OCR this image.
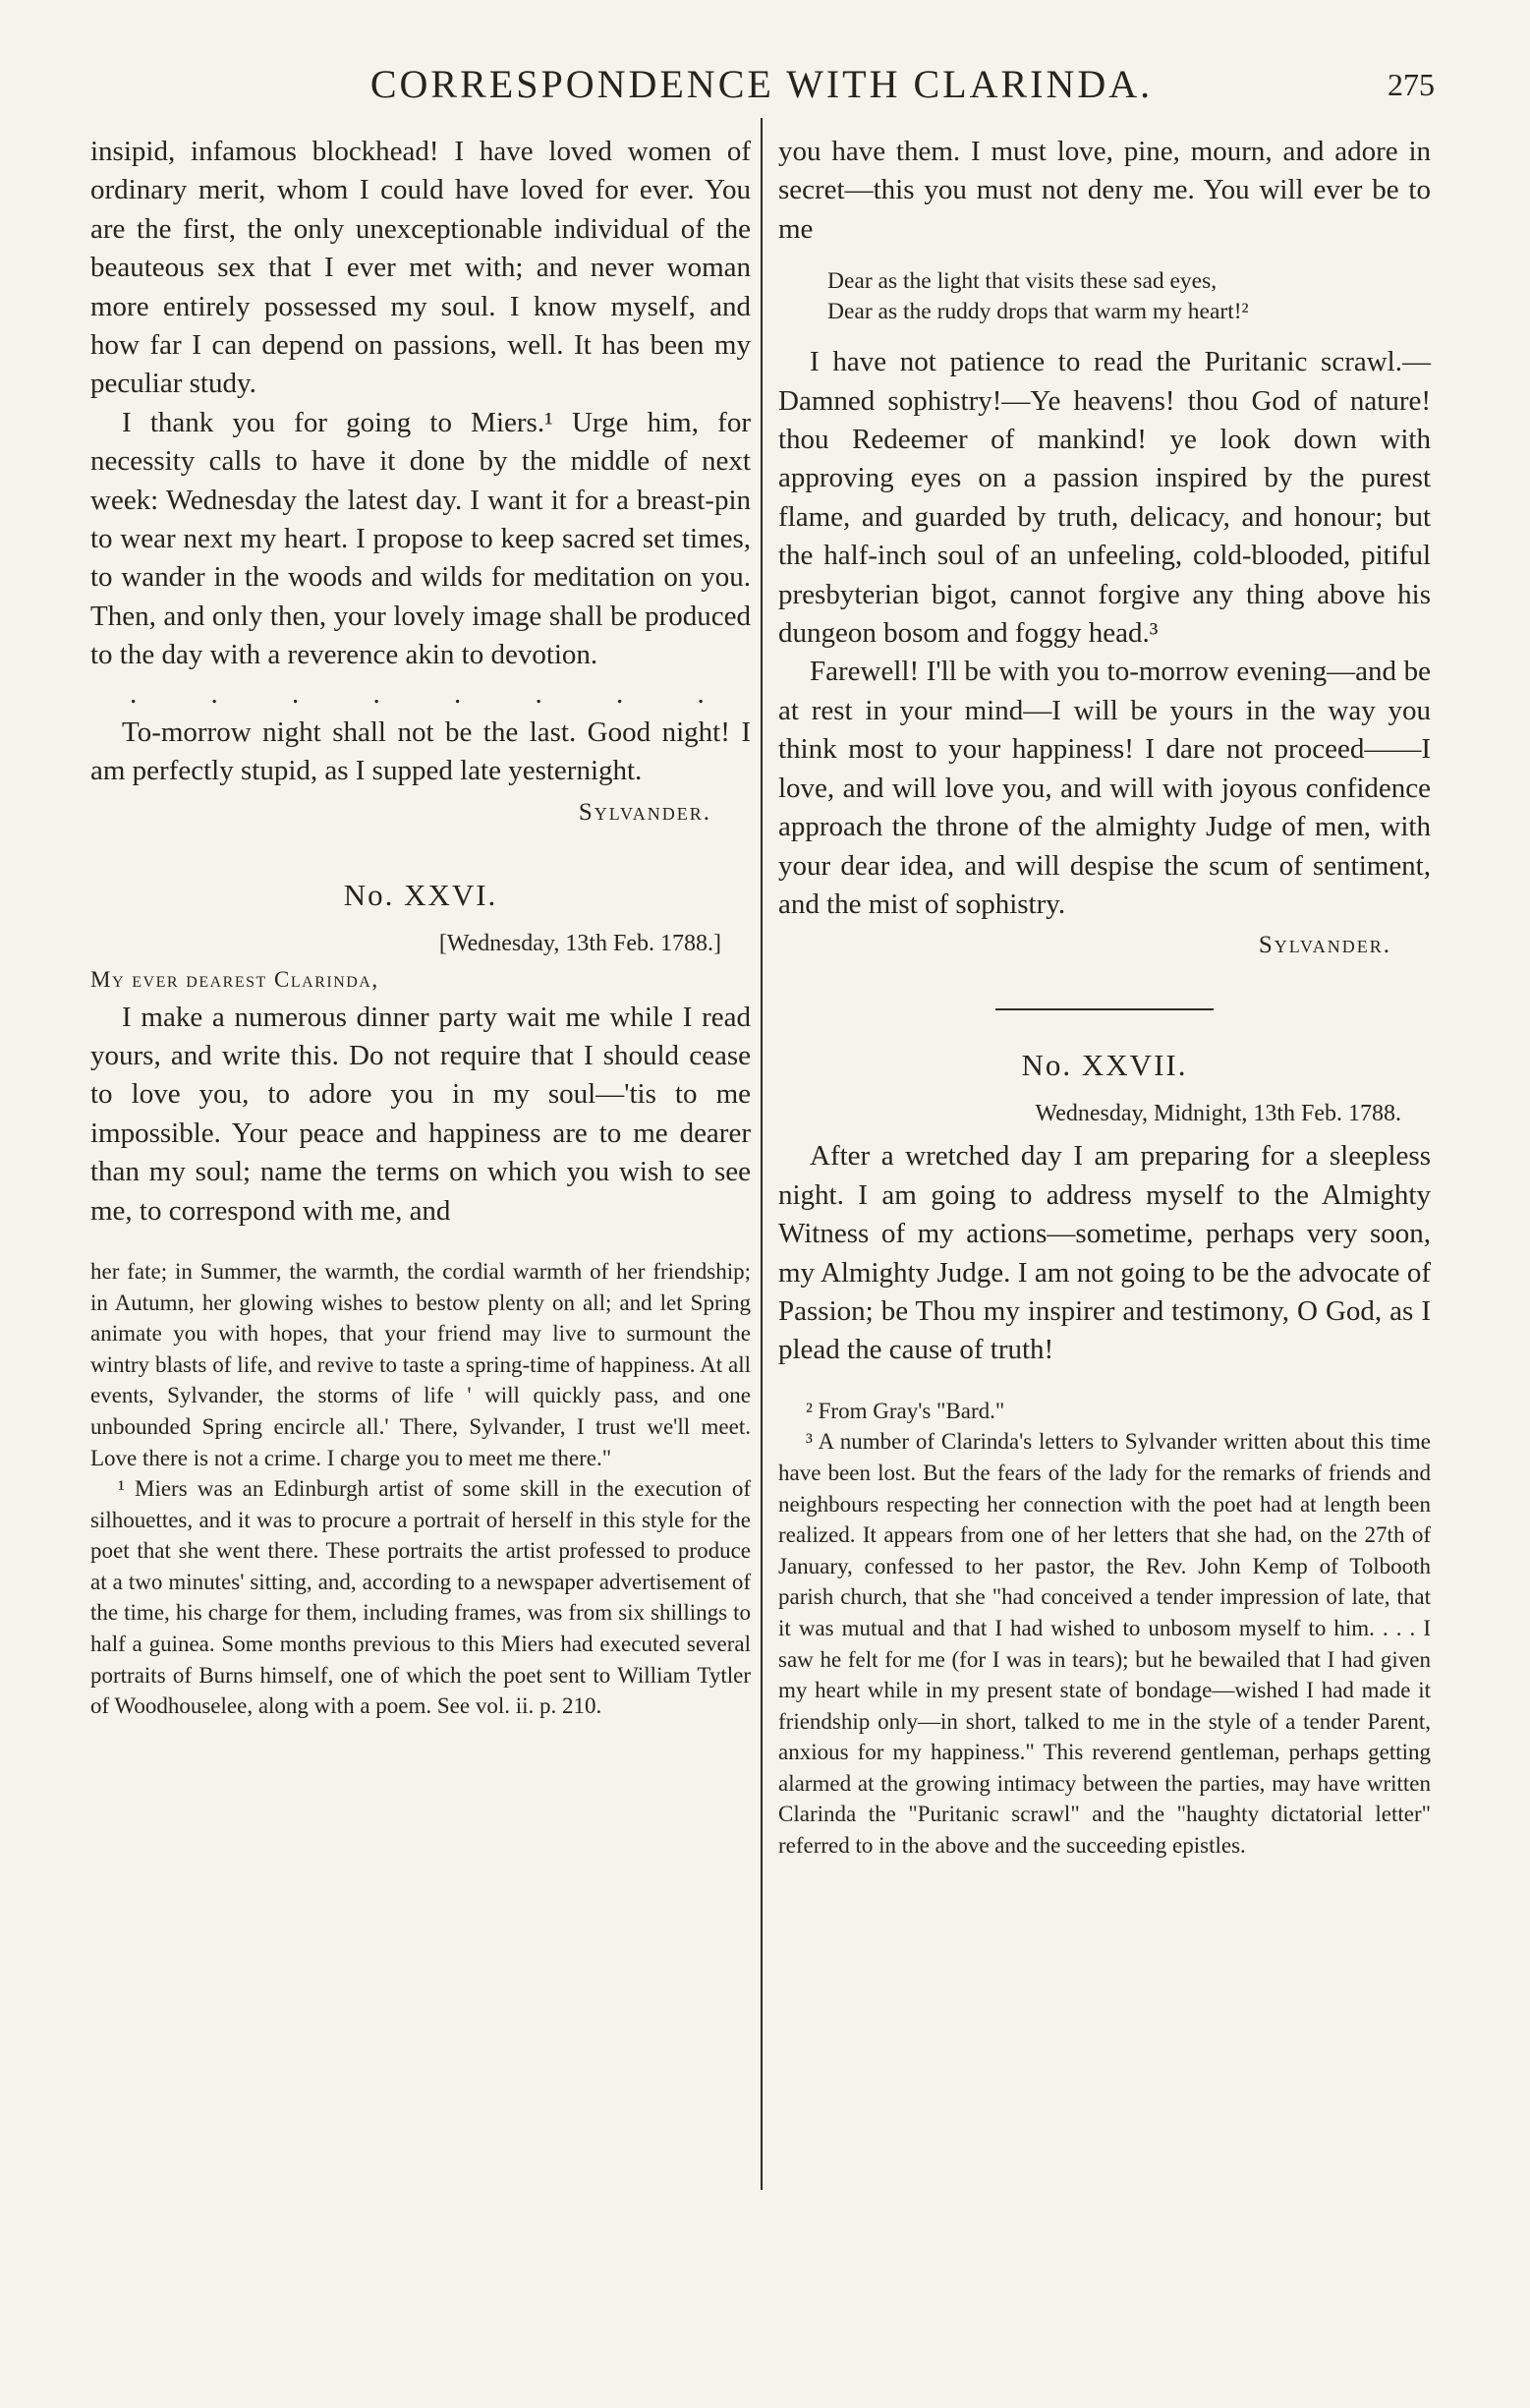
CORRESPONDENCE WITH CLARINDA.	275

insipid, infamous blockhead! I have loved women of ordinary merit, whom I could have loved for ever. You are the first, the only unexceptionable individual of the beauteous sex that I ever met with; and never woman more entirely possessed my soul. I know myself, and how far I can depend on passions, well. It has been my peculiar study.

I thank you for going to Miers.¹ Urge him, for necessity calls to have it done by the middle of next week: Wednesday the latest day. I want it for a breast-pin to wear next my heart. I propose to keep sacred set times, to wander in the woods and wilds for meditation on you. Then, and only then, your lovely image shall be produced to the day with a reverence akin to devotion.

. . . . . . . .

To-morrow night shall not be the last. Good night! I am perfectly stupid, as I supped late yesternight.

Sylvander.
No. XXVI.
[Wednesday, 13th Feb. 1788.]
My ever dearest Clarinda,

I make a numerous dinner party wait me while I read yours, and write this. Do not require that I should cease to love you, to adore you in my soul—'tis to me impossible. Your peace and happiness are to me dearer than my soul; name the terms on which you wish to see me, to correspond with me, and

her fate; in Summer, the warmth, the cordial warmth of her friendship; in Autumn, her glowing wishes to bestow plenty on all; and let Spring animate you with hopes, that your friend may live to surmount the wintry blasts of life, and revive to taste a spring-time of happiness. At all events, Sylvander, the storms of life ' will quickly pass, and one unbounded Spring encircle all.' There, Sylvander, I trust we'll meet. Love there is not a crime. I charge you to meet me there."

¹ Miers was an Edinburgh artist of some skill in the execution of silhouettes, and it was to procure a portrait of herself in this style for the poet that she went there. These portraits the artist professed to produce at a two minutes' sitting, and, according to a newspaper advertisement of the time, his charge for them, including frames, was from six shillings to half a guinea. Some months previous to this Miers had executed several portraits of Burns himself, one of which the poet sent to William Tytler of Woodhouselee, along with a poem. See vol. ii. p. 210.

you have them. I must love, pine, mourn, and adore in secret—this you must not deny me. You will ever be to me

Dear as the light that visits these sad eyes,
Dear as the ruddy drops that warm my heart!²

I have not patience to read the Puritanic scrawl.—Damned sophistry!—Ye heavens! thou God of nature! thou Redeemer of mankind! ye look down with approving eyes on a passion inspired by the purest flame, and guarded by truth, delicacy, and honour; but the half-inch soul of an unfeeling, cold-blooded, pitiful presbyterian bigot, cannot forgive any thing above his dungeon bosom and foggy head.³

Farewell! I'll be with you to-morrow evening—and be at rest in your mind—I will be yours in the way you think most to your happiness! I dare not proceed——I love, and will love you, and will with joyous confidence approach the throne of the almighty Judge of men, with your dear idea, and will despise the scum of sentiment, and the mist of sophistry.

Sylvander.
No. XXVII.
Wednesday, Midnight, 13th Feb. 1788.

After a wretched day I am preparing for a sleepless night. I am going to address myself to the Almighty Witness of my actions—sometime, perhaps very soon, my Almighty Judge. I am not going to be the advocate of Passion; be Thou my inspirer and testimony, O God, as I plead the cause of truth!

² From Gray's "Bard."

³ A number of Clarinda's letters to Sylvander written about this time have been lost. But the fears of the lady for the remarks of friends and neighbours respecting her connection with the poet had at length been realized. It appears from one of her letters that she had, on the 27th of January, confessed to her pastor, the Rev. John Kemp of Tolbooth parish church, that she "had conceived a tender impression of late, that it was mutual and that I had wished to unbosom myself to him. . . . I saw he felt for me (for I was in tears); but he bewailed that I had given my heart while in my present state of bondage—wished I had made it friendship only—in short, talked to me in the style of a tender Parent, anxious for my happiness." This reverend gentleman, perhaps getting alarmed at the growing intimacy between the parties, may have written Clarinda the "Puritanic scrawl" and the "haughty dictatorial letter" referred to in the above and the succeeding epistles.
